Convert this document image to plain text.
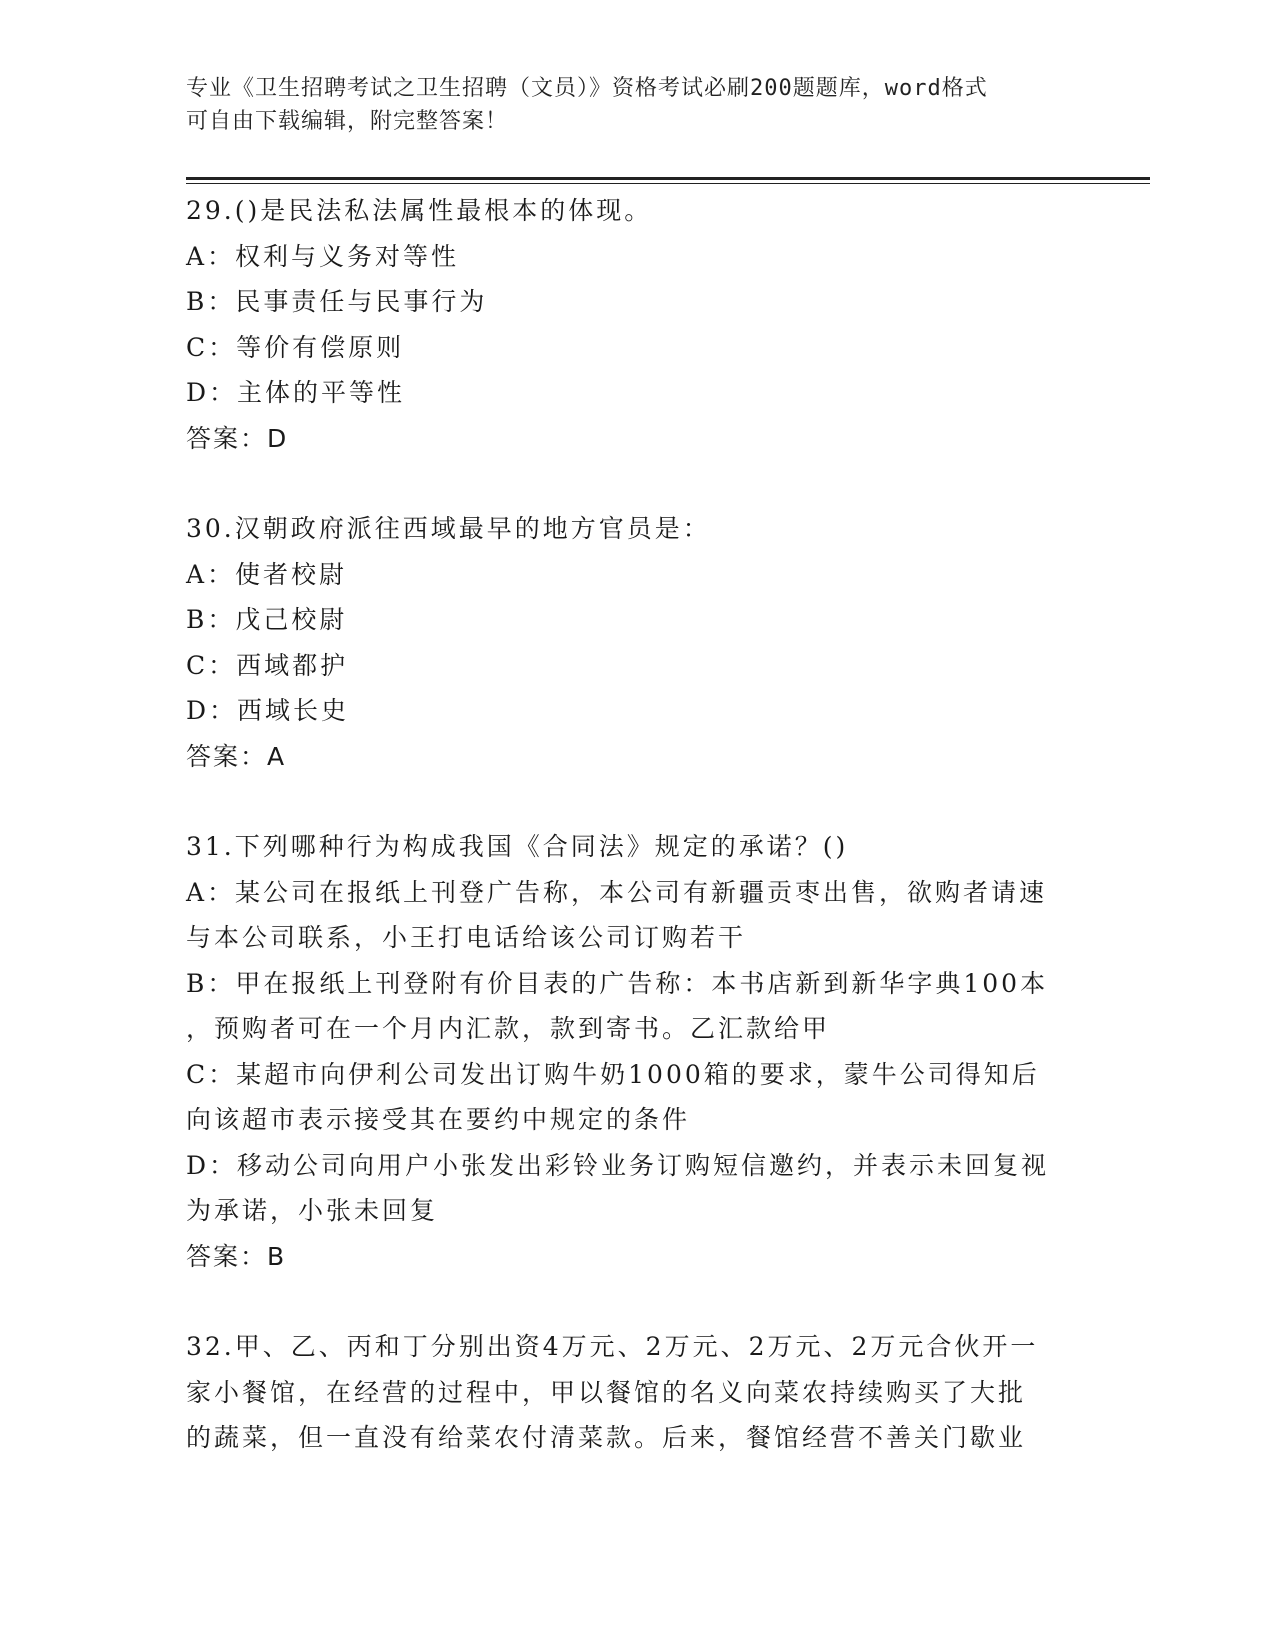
专业《卫生招聘考试之卫生招聘（文员）》资格考试必刷200题题库，word格式
可自由下载编辑，附完整答案！
29.()是民法私法属性最根本的体现。
A：权利与义务对等性
B：民事责任与民事行为
C：等价有偿原则
D：主体的平等性
答案：D
30.汉朝政府派往西域最早的地方官员是：
A：使者校尉
B：戊己校尉
C：西域都护
D：西域长史
答案：A
31.下列哪种行为构成我国《合同法》规定的承诺？()
A：某公司在报纸上刊登广告称，本公司有新疆贡枣出售，欲购者请速
与本公司联系，小王打电话给该公司订购若干
B：甲在报纸上刊登附有价目表的广告称：本书店新到新华字典100本
，预购者可在一个月内汇款，款到寄书。乙汇款给甲
C：某超市向伊利公司发出订购牛奶1000箱的要求，蒙牛公司得知后
向该超市表示接受其在要约中规定的条件
D：移动公司向用户小张发出彩铃业务订购短信邀约，并表示未回复视
为承诺，小张未回复
答案：B
32.甲、乙、丙和丁分别出资4万元、2万元、2万元、2万元合伙开一
家小餐馆，在经营的过程中，甲以餐馆的名义向菜农持续购买了大批
的蔬菜，但一直没有给菜农付清菜款。后来，餐馆经营不善关门歇业
